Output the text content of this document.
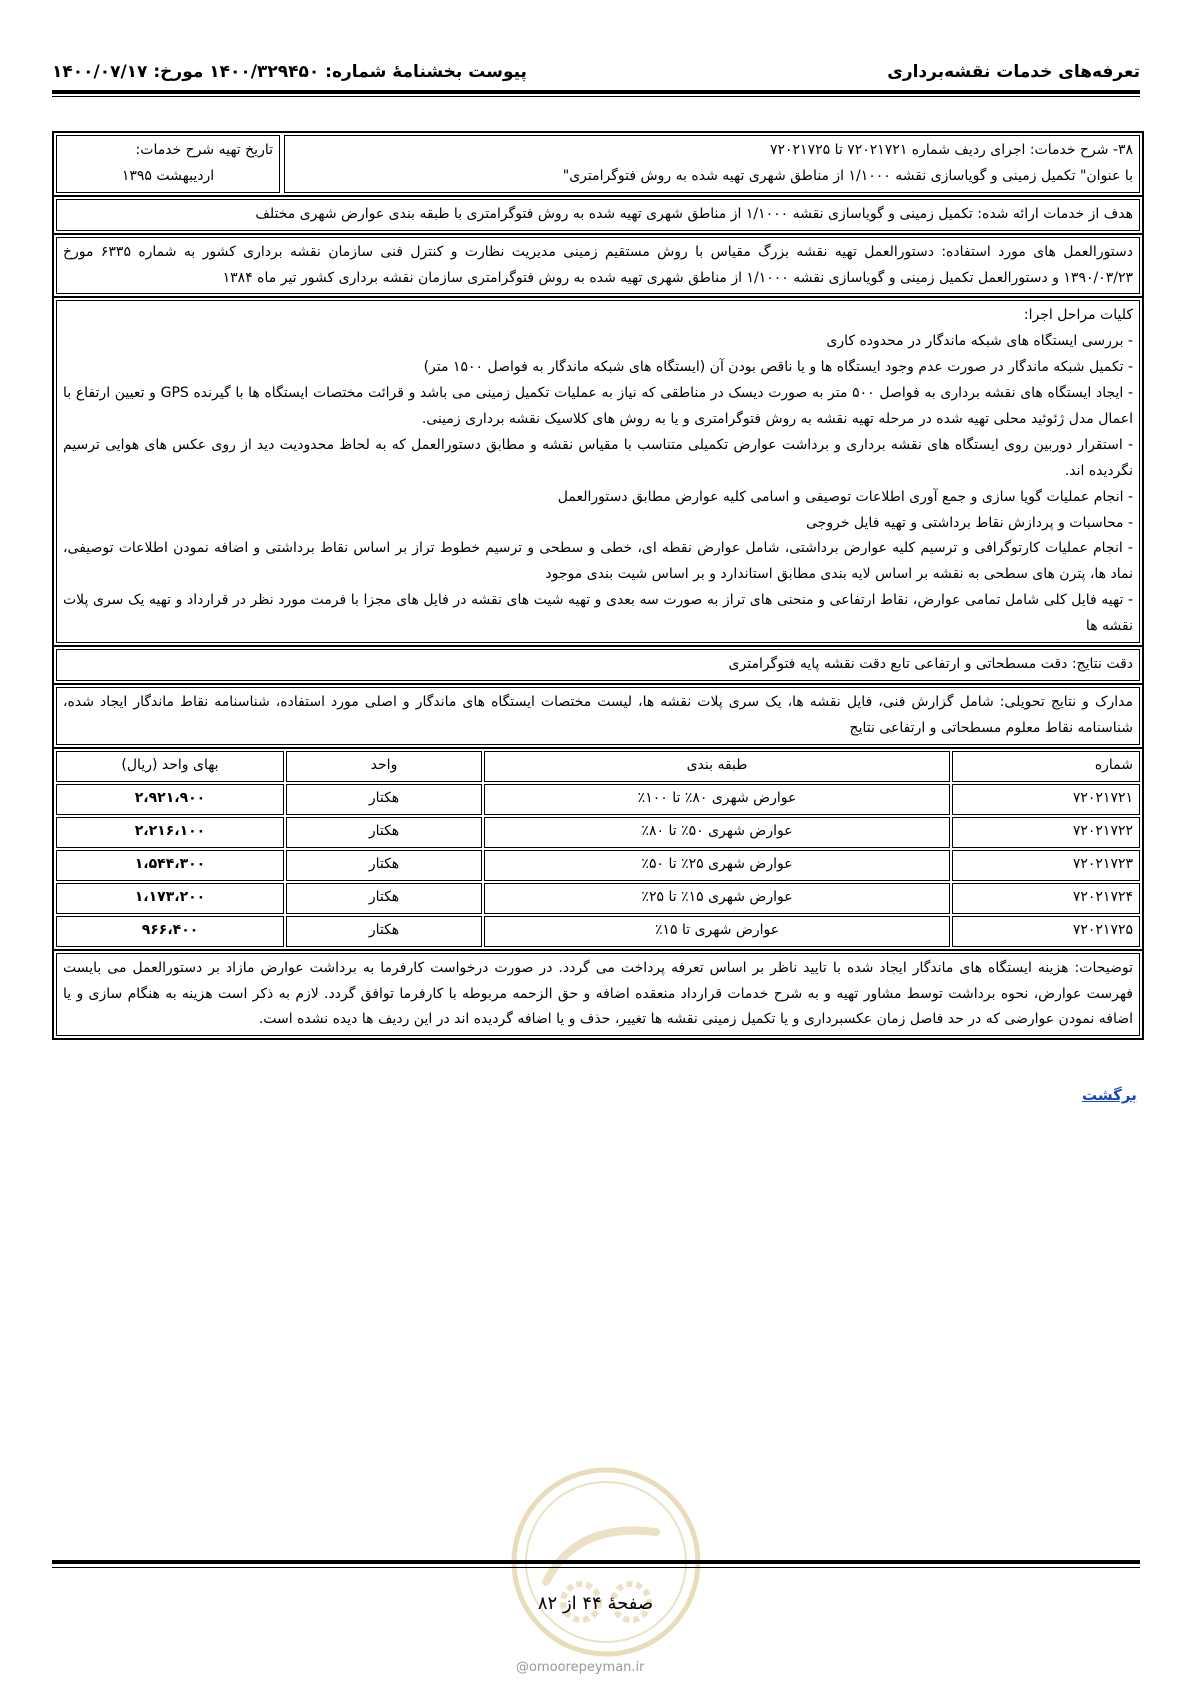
تعرفه‌های خدمات نقشه‌برداری
پیوست بخشنامۀ شماره: ۱۴۰۰/۳۲۹۴۵۰ مورخ: ۱۴۰۰/۰۷/۱۷
۳۸- شرح خدمات: اجرای ردیف شماره ۷۲۰۲۱۷۲۱ تا ۷۲۰۲۱۷۲۵
با عنوان" تکمیل زمینی و گویاسازی نقشه ۱/۱۰۰۰ از مناطق شهری تهیه شده به روش فتوگرامتری"
تاریخ تهیه شرح خدمات:
اردیبهشت ۱۳۹۵
هدف از خدمات ارائه شده: تکمیل زمینی و گویاسازی نقشه ۱/۱۰۰۰ از مناطق شهری تهیه شده به روش فتوگرامتری با طبقه بندی عوارض شهری مختلف
دستورالعمل های مورد استفاده: دستورالعمل تهیه نقشه بزرگ مقیاس با روش مستقیم زمینی مدیریت نظارت و کنترل فنی سازمان نقشه برداری کشور به شماره ۶۳۳۵ مورخ ۱۳۹۰/۰۳/۲۳ و دستورالعمل تکمیل زمینی و گویاسازی نقشه ۱/۱۰۰۰ از مناطق شهری تهیه شده به روش فتوگرامتری سازمان نقشه برداری کشور تیر ماه ۱۳۸۴

کلیات مراحل اجرا:

- بررسی ایستگاه های شبکه ماندگار در محدوده کاری

- تکمیل شبکه ماندگار در صورت عدم وجود ایستگاه ها و یا ناقص بودن آن (ایستگاه های شبکه ماندگار به فواصل ۱۵۰۰ متر)

- ایجاد ایستگاه های نقشه برداری به فواصل ۵۰۰ متر به صورت دیسک در مناطقی که نیاز به عملیات تکمیل زمینی می باشد و قرائت مختصات ایستگاه ها با گیرنده GPS و تعیین ارتفاع با اعمال مدل ژئوئید محلی تهیه شده در مرحله تهیه نقشه به روش فتوگرامتری و یا به روش های کلاسیک نقشه برداری زمینی.

- استقرار دوربین روی ایستگاه های نقشه برداری و برداشت عوارض تکمیلی متناسب با مقیاس نقشه و مطابق دستورالعمل که به لحاظ محدودیت دید از روی عکس های هوایی ترسیم نگردیده اند.

- انجام عملیات گویا سازی و جمع آوری اطلاعات توصیفی و اسامی کلیه عوارض مطابق دستورالعمل

- محاسبات و پردازش نقاط برداشتی و تهیه فایل خروجی

- انجام عملیات کارتوگرافی و ترسیم کلیه عوارض برداشتی، شامل عوارض نقطه ای، خطی و سطحی و ترسیم خطوط تراز بر اساس نقاط برداشتی و اضافه نمودن اطلاعات توصیفی، نماد ها، پترن های سطحی به نقشه بر اساس لایه بندی مطابق استاندارد و بر اساس شیت بندی موجود

- تهیه فایل کلی شامل تمامی عوارض، نقاط ارتفاعی و منحنی های تراز به صورت سه بعدی و تهیه شیت های نقشه در فایل های مجزا با فرمت مورد نظر در قرارداد و تهیه یک سری پلات نقشه ها

دقت نتایج: دقت مسطحاتی و ارتفاعی تابع دقت نقشه پایه فتوگرامتری
مدارک و نتایج تحویلی: شامل گزارش فنی، فایل نقشه ها، یک سری پلات نقشه ها، لیست مختصات ایستگاه های ماندگار و اصلی مورد استفاده، شناسنامه نقاط ماندگار ایجاد شده، شناسنامه نقاط معلوم مسطحاتی و ارتفاعی نتایج
شماره	طبقه بندی	واحد	بهای واحد (ریال)
۷۲۰۲۱۷۲۱	عوارض شهری ۸۰٪ تا ۱۰۰٪	هکتار	۲،۹۲۱،۹۰۰
۷۲۰۲۱۷۲۲	عوارض شهری ۵۰٪ تا ۸۰٪	هکتار	۲،۲۱۶،۱۰۰
۷۲۰۲۱۷۲۳	عوارض شهری ۲۵٪ تا ۵۰٪	هکتار	۱،۵۴۴،۳۰۰
۷۲۰۲۱۷۲۴	عوارض شهری ۱۵٪ تا ۲۵٪	هکتار	۱،۱۷۳،۲۰۰
۷۲۰۲۱۷۲۵	عوارض شهری تا ۱۵٪	هکتار	۹۶۶،۴۰۰
توضیحات: هزینه ایستگاه های ماندگار ایجاد شده با تایید ناظر بر اساس تعرفه پرداخت می گردد. در صورت درخواست کارفرما به برداشت عوارض مازاد بر دستورالعمل می بایست فهرست عوارض، نحوه برداشت توسط مشاور تهیه و به شرح خدمات قرارداد منعقده اضافه و حق الزحمه مربوطه با کارفرما توافق گردد. لازم به ذکر است هزینه به هنگام سازی و یا اضافه نمودن عوارضی که در حد فاصل زمان عکسبرداری و یا تکمیل زمینی نقشه ها تغییر، حذف و یا اضافه گردیده اند در این ردیف ها دیده نشده است.
برگشت
صفحۀ ۴۴ از ۸۲
@omoorepeyman.ir
